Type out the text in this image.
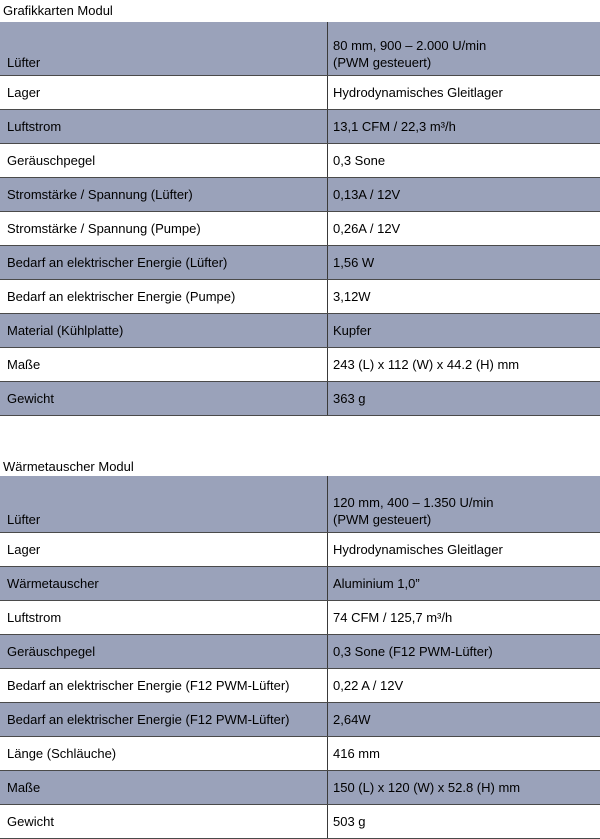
Grafikkarten Modul
Lüfter	80 mm, 900 – 2.000 U/min
(PWM gesteuert)

Lager	Hydrodynamisches Gleitlager
Luftstrom	13,1 CFM / 22,3 m³/h
Geräuschpegel	0,3 Sone
Stromstärke / Spannung (Lüfter)	0,13A / 12V
Stromstärke / Spannung (Pumpe)	0,26A / 12V
Bedarf an elektrischer Energie (Lüfter)	1,56 W
Bedarf an elektrischer Energie (Pumpe)	3,12W
Material (Kühlplatte)	Kupfer
Maße	243 (L) x 112 (W) x 44.2 (H) mm
Gewicht	363 g
Wärmetauscher Modul
Lüfter	120 mm, 400 – 1.350 U/min
(PWM gesteuert)

Lager	Hydrodynamisches Gleitlager
Wärmetauscher	Aluminium 1,0”
Luftstrom	74 CFM / 125,7 m³/h
Geräuschpegel	0,3 Sone (F12 PWM-Lüfter)
Bedarf an elektrischer Energie (F12 PWM-Lüfter)	0,22 A / 12V
Bedarf an elektrischer Energie (F12 PWM-Lüfter)	2,64W
Länge (Schläuche)	416 mm
Maße	150 (L) x 120 (W) x 52.8 (H) mm
Gewicht	503 g
